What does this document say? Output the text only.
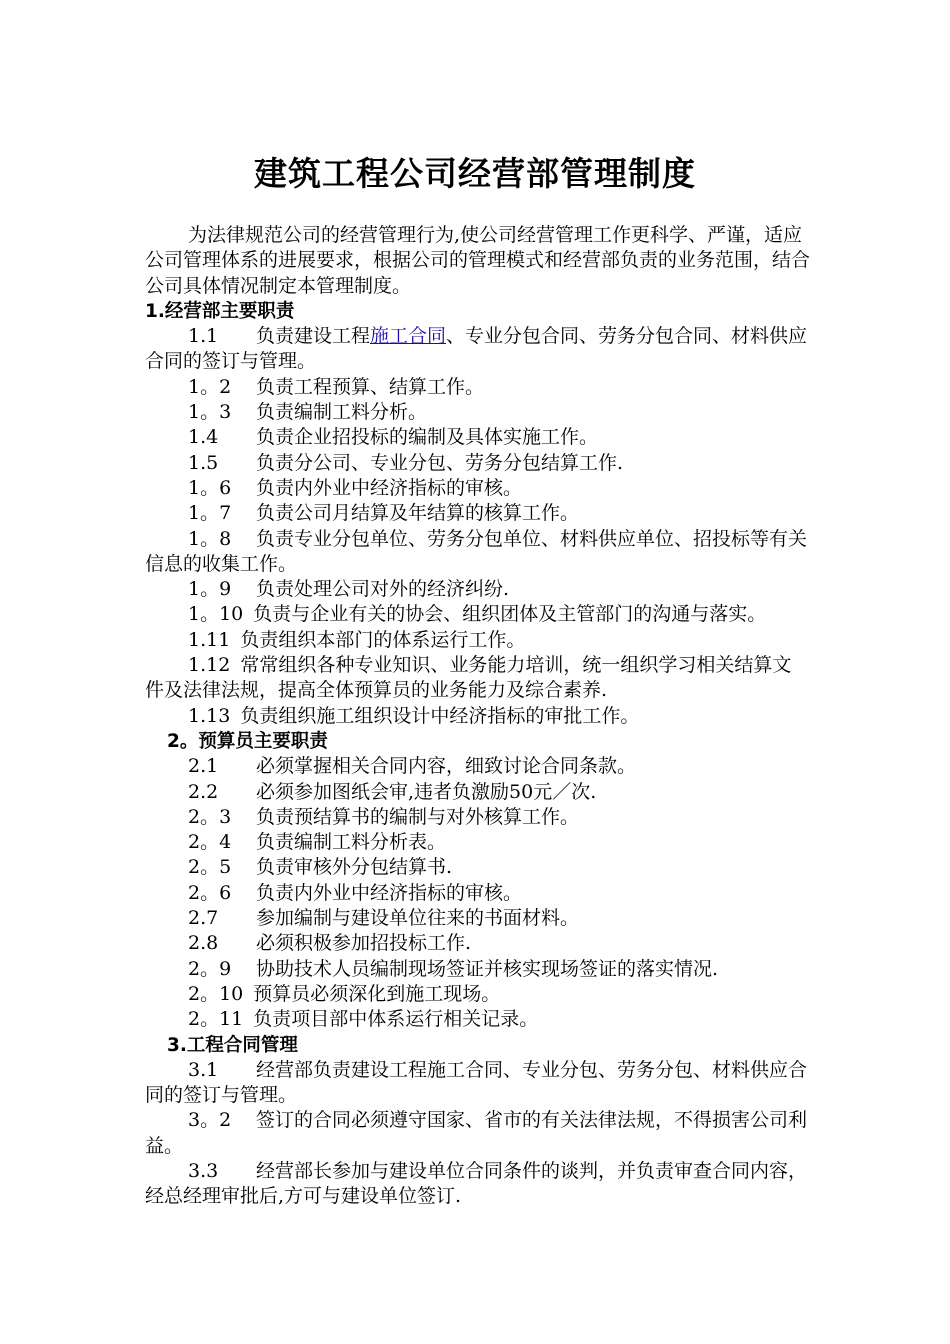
建筑工程公司经营部管理制度

为法律规范公司的经营管理行为,使公司经营管理工作更科学、严谨，适应公司管理体系的进展要求，根据公司的管理模式和经营部负责的业务范围，结合公司具体情况制定本管理制度。

1.经营部主要职责

1.1 负责建设工程施工合同、专业分包合同、劳务分包合同、材料供应合同的签订与管理。

1。2 负责工程预算、结算工作。

1。3 负责编制工料分析。

1.4 负责企业招投标的编制及具体实施工作。

1.5 负责分公司、专业分包、劳务分包结算工作.

1。6 负责内外业中经济指标的审核。

1。7 负责公司月结算及年结算的核算工作。

1。8 负责专业分包单位、劳务分包单位、材料供应单位、招投标等有关信息的收集工作。

1。9 负责处理公司对外的经济纠纷.

1。10 负责与企业有关的协会、组织团体及主管部门的沟通与落实。

1.11 负责组织本部门的体系运行工作。

1.12 常常组织各种专业知识、业务能力培训，统一组织学习相关结算文件及法律法规，提高全体预算员的业务能力及综合素养.

1.13 负责组织施工组织设计中经济指标的审批工作。

2。预算员主要职责

2.1 必须掌握相关合同内容，细致讨论合同条款。

2.2 必须参加图纸会审,违者负激励50元／次.

2。3 负责预结算书的编制与对外核算工作。

2。4 负责编制工料分析表。

2。5 负责审核外分包结算书.

2。6 负责内外业中经济指标的审核。

2.7 参加编制与建设单位往来的书面材料。

2.8 必须积极参加招投标工作.

2。9 协助技术人员编制现场签证并核实现场签证的落实情况.

2。10 预算员必须深化到施工现场。

2。11 负责项目部中体系运行相关记录。

3.工程合同管理

3.1 经营部负责建设工程施工合同、专业分包、劳务分包、材料供应合同的签订与管理。

3。2 签订的合同必须遵守国家、省市的有关法律法规，不得损害公司利益。

3.3 经营部长参加与建设单位合同条件的谈判，并负责审查合同内容，经总经理审批后,方可与建设单位签订.
